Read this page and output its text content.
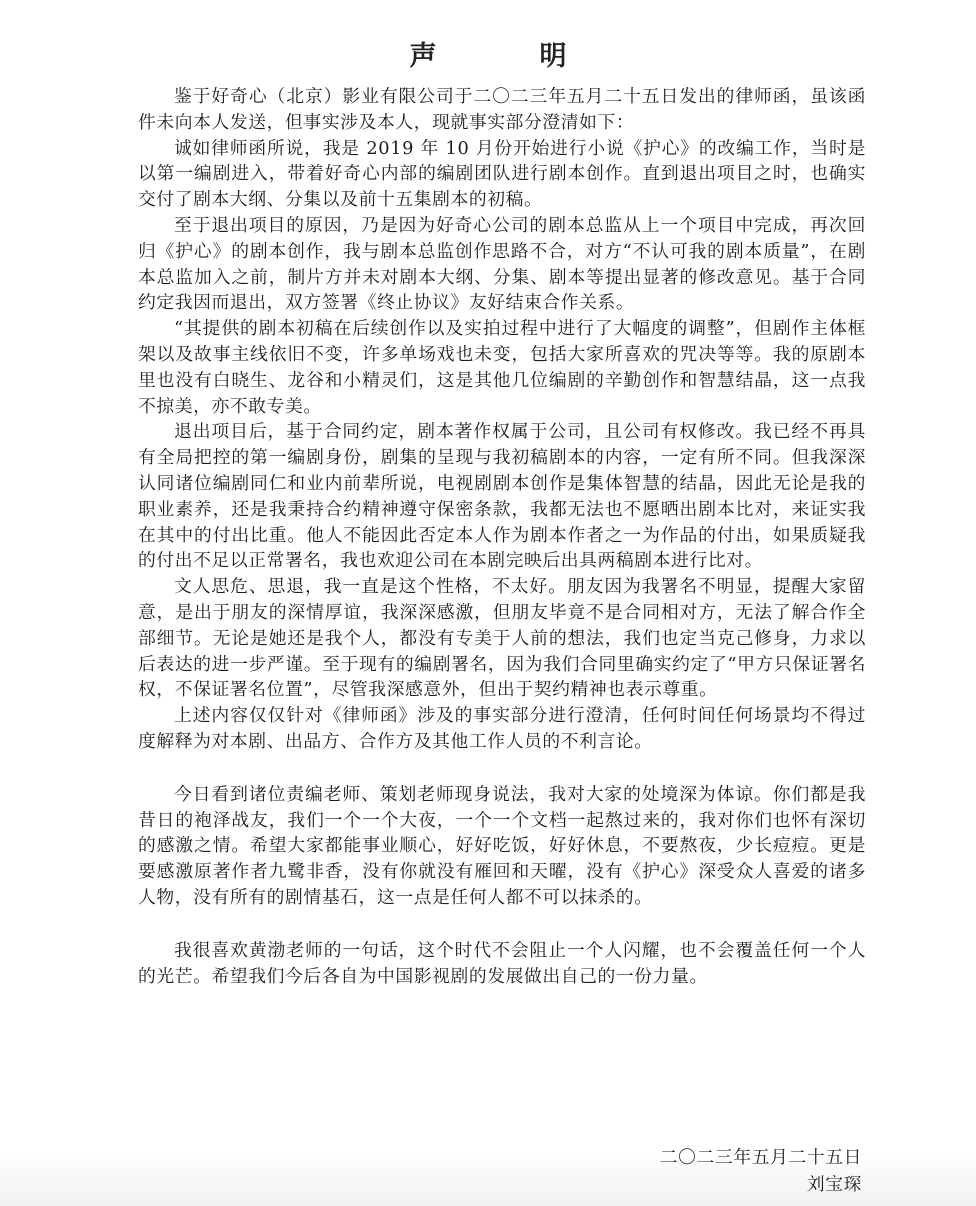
声　明

鉴于好奇心（北京）影业有限公司于二〇二三年五月二十五日发出的律师函，虽该函件未向本人发送，但事实涉及本人，现就事实部分澄清如下：

诚如律师函所说，我是 2019 年 10 月份开始进行小说《护心》的改编工作，当时是以第一编剧进入，带着好奇心内部的编剧团队进行剧本创作。直到退出项目之时，也确实交付了剧本大纲、分集以及前十五集剧本的初稿。

至于退出项目的原因，乃是因为好奇心公司的剧本总监从上一个项目中完成，再次回归《护心》的剧本创作，我与剧本总监创作思路不合，对方“不认可我的剧本质量”，在剧本总监加入之前，制片方并未对剧本大纲、分集、剧本等提出显著的修改意见。基于合同约定我因而退出，双方签署《终止协议》友好结束合作关系。

“其提供的剧本初稿在后续创作以及实拍过程中进行了大幅度的调整”，但剧作主体框架以及故事主线依旧不变，许多单场戏也未变，包括大家所喜欢的咒决等等。我的原剧本里也没有白晓生、龙谷和小精灵们，这是其他几位编剧的辛勤创作和智慧结晶，这一点我不掠美，亦不敢专美。

退出项目后，基于合同约定，剧本著作权属于公司，且公司有权修改。我已经不再具有全局把控的第一编剧身份，剧集的呈现与我初稿剧本的内容，一定有所不同。但我深深认同诸位编剧同仁和业内前辈所说，电视剧剧本创作是集体智慧的结晶，因此无论是我的职业素养，还是我秉持合约精神遵守保密条款，我都无法也不愿晒出剧本比对，来证实我在其中的付出比重。他人不能因此否定本人作为剧本作者之一为作品的付出，如果质疑我的付出不足以正常署名，我也欢迎公司在本剧完映后出具两稿剧本进行比对。

文人思危、思退，我一直是这个性格，不太好。朋友因为我署名不明显，提醒大家留意，是出于朋友的深情厚谊，我深深感激，但朋友毕竟不是合同相对方，无法了解合作全部细节。无论是她还是我个人，都没有专美于人前的想法，我们也定当克己修身，力求以后表达的进一步严谨。至于现有的编剧署名，因为我们合同里确实约定了“甲方只保证署名权，不保证署名位置”，尽管我深感意外，但出于契约精神也表示尊重。

上述内容仅仅针对《律师函》涉及的事实部分进行澄清，任何时间任何场景均不得过度解释为对本剧、出品方、合作方及其他工作人员的不利言论。

今日看到诸位责编老师、策划老师现身说法，我对大家的处境深为体谅。你们都是我昔日的袍泽战友，我们一个一个大夜，一个一个文档一起熬过来的，我对你们也怀有深切的感激之情。希望大家都能事业顺心，好好吃饭，好好休息，不要熬夜，少长痘痘。更是要感激原著作者九鹭非香，没有你就没有雁回和天曜，没有《护心》深受众人喜爱的诸多人物，没有所有的剧情基石，这一点是任何人都不可以抹杀的。

我很喜欢黄渤老师的一句话，这个时代不会阻止一个人闪耀，也不会覆盖任何一个人的光芒。希望我们今后各自为中国影视剧的发展做出自己的一份力量。

二〇二三年五月二十五日
刘宝琛
